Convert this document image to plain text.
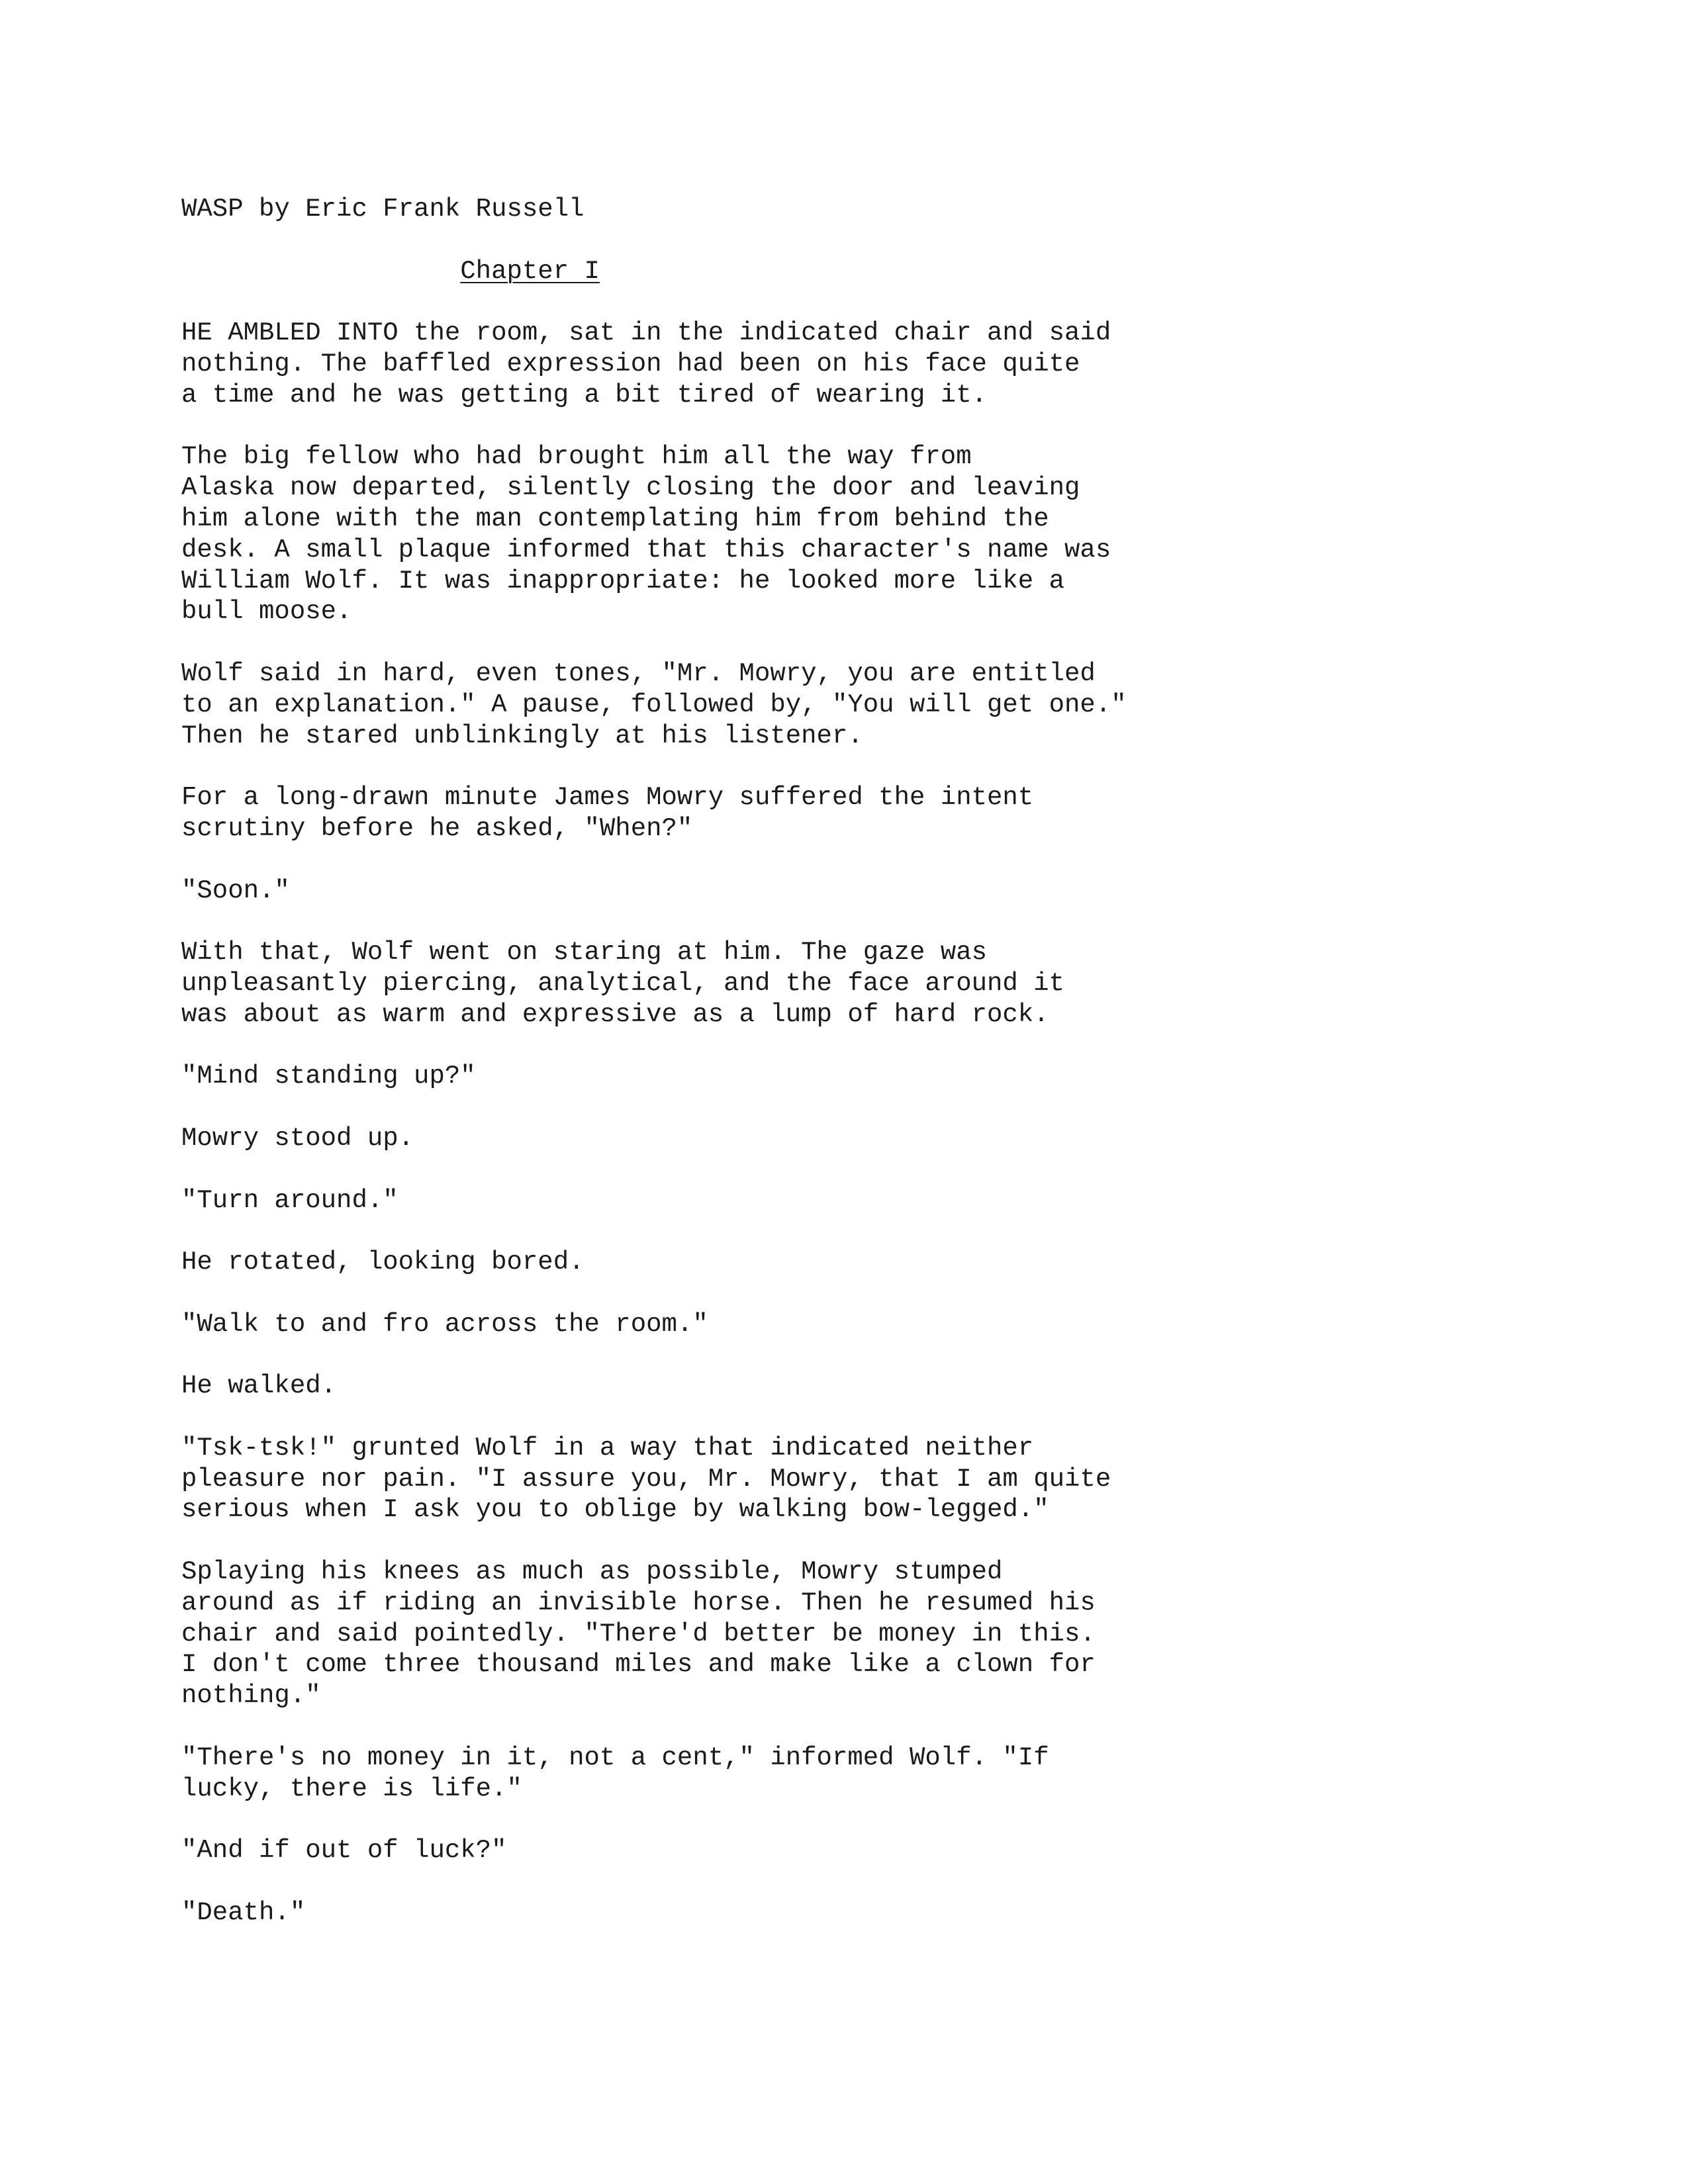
WASP by Eric Frank Russell
Chapter I
HE AMBLED INTO the room, sat in the indicated chair and said
nothing. The baffled expression had been on his face quite
a time and he was getting a bit tired of wearing it.
The big fellow who had brought him all the way from
Alaska now departed, silently closing the door and leaving
him alone with the man contemplating him from behind the
desk. A small plaque informed that this character's name was
William Wolf. It was inappropriate: he looked more like a
bull moose.
Wolf said in hard, even tones, "Mr. Mowry, you are entitled
to an explanation." A pause, followed by, "You will get one."
Then he stared unblinkingly at his listener.
For a long-drawn minute James Mowry suffered the intent
scrutiny before he asked, "When?"
"Soon."
With that, Wolf went on staring at him. The gaze was
unpleasantly piercing, analytical, and the face around it
was about as warm and expressive as a lump of hard rock.
"Mind standing up?"
Mowry stood up.
"Turn around."
He rotated, looking bored.
"Walk to and fro across the room."
He walked.
"Tsk-tsk!" grunted Wolf in a way that indicated neither
pleasure nor pain. "I assure you, Mr. Mowry, that I am quite
serious when I ask you to oblige by walking bow-legged."
Splaying his knees as much as possible, Mowry stumped
around as if riding an invisible horse. Then he resumed his
chair and said pointedly. "There'd better be money in this.
I don't come three thousand miles and make like a clown for
nothing."
"There's no money in it, not a cent," informed Wolf. "If
lucky, there is life."
"And if out of luck?"
"Death."
